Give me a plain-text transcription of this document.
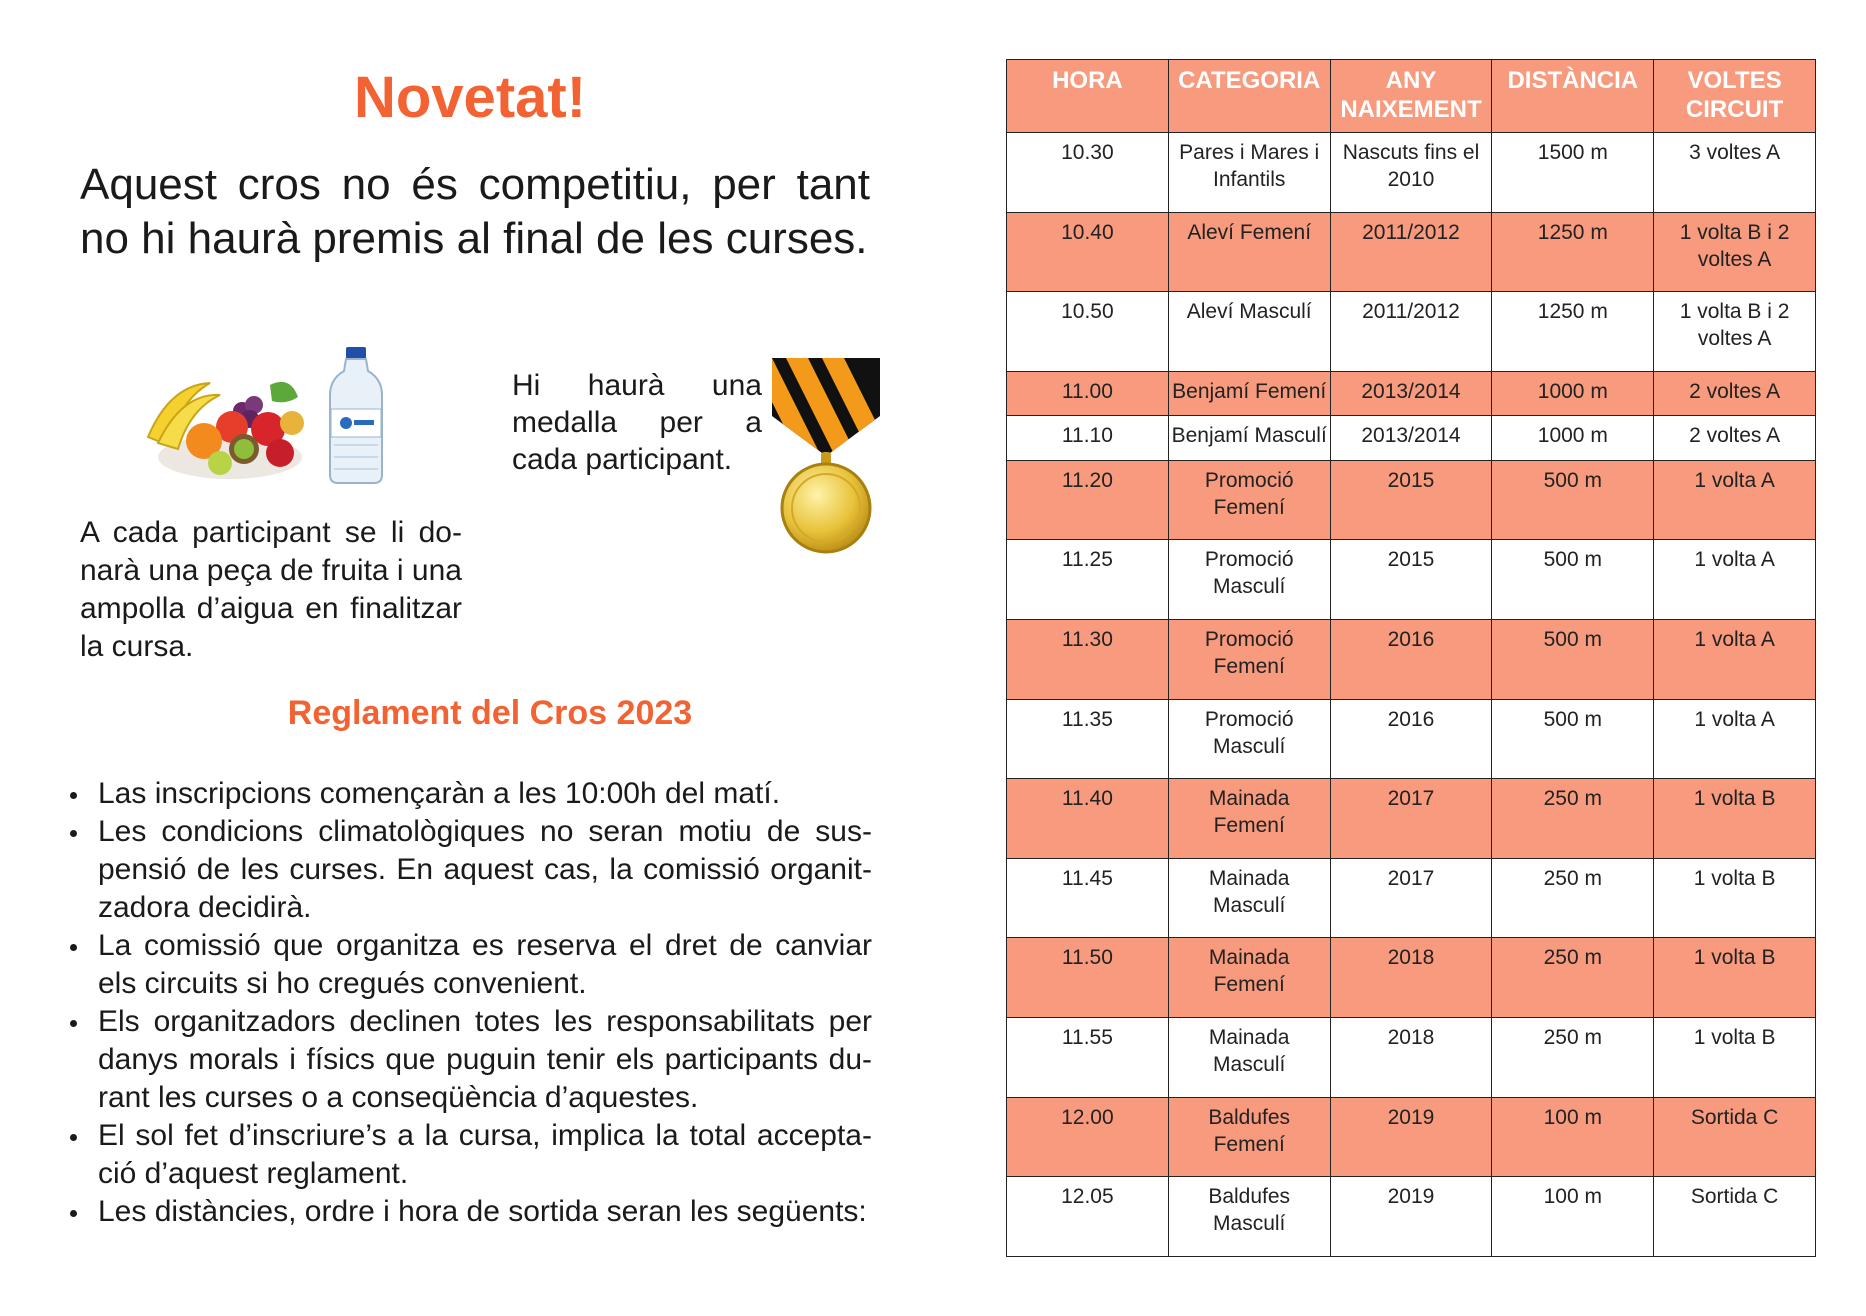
Novetat!

Aquest cros no és competitiu, per tant no hi haurà premis al final de les curses.

Hi haurà una medalla per a cada participant.

A cada participant se li donarà una peça de fruita i una ampolla d’aigua en finalitzar la cursa.

Reglament del Cros 2023
Las inscripcions començaràn a les 10:00h del matí.
Les condicions climatològiques no seran motiu de suspensió de les curses. En aquest cas, la comissió organitzadora decidirà.
La comissió que organitza es reserva el dret de canviar els circuits si ho cregués convenient.
Els organitzadors declinen totes les responsabilitats per danys morals i físics que puguin tenir els participants durant les curses o a conseqüència d’aquestes.
El sol fet d’inscriure’s a la cursa, implica la total acceptació d’aquest reglament.
Les distàncies, ordre i hora de sortida seran les següents:
HORA	CATEGORIA	ANY NAIXEMENT	DISTÀNCIA	VOLTES CIRCUIT
10.30	Pares i Mares i Infantils	Nascuts fins el 2010	1500 m	3 voltes A
10.40	Aleví Femení	2011/2012	1250 m	1 volta B i 2 voltes A
10.50	Aleví Masculí	2011/2012	1250 m	1 volta B i 2 voltes A
11.00	Benjamí Femení	2013/2014	1000 m	2 voltes A
11.10	Benjamí Masculí	2013/2014	1000 m	2 voltes A
11.20	Promoció Femení	2015	500 m	1 volta A
11.25	Promoció Masculí	2015	500 m	1 volta A
11.30	Promoció Femení	2016	500 m	1 volta A
11.35	Promoció Masculí	2016	500 m	1 volta A
11.40	Mainada Femení	2017	250 m	1 volta B
11.45	Mainada Masculí	2017	250 m	1 volta B
11.50	Mainada Femení	2018	250 m	1 volta B
11.55	Mainada Masculí	2018	250 m	1 volta B
12.00	Baldufes Femení	2019	100 m	Sortida C
12.05	Baldufes Masculí	2019	100 m	Sortida C
